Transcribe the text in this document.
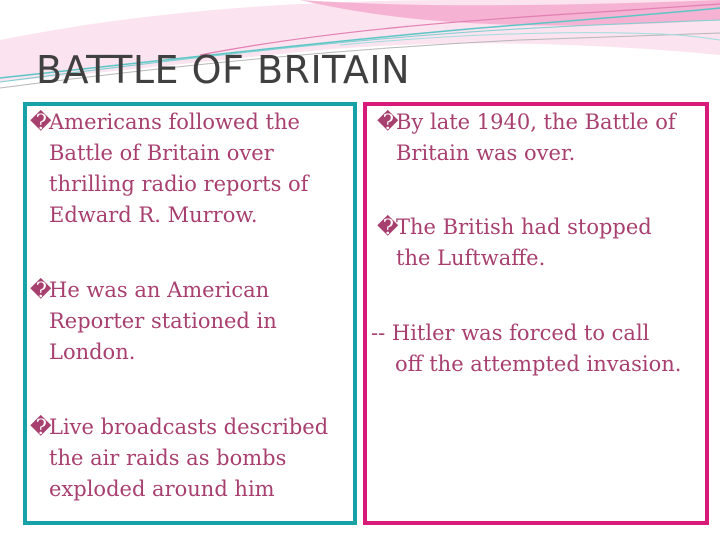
BATTLE OF BRITAIN

�Americans followed the
Battle of Britain over
thrilling radio reports of
Edward R. Murrow.

�He was an American
Reporter stationed in
London.

�Live broadcasts described
the air raids as bombs
exploded around him

�By late 1940, the Battle of
Britain was over.

�The British had stopped
the Luftwaffe.

-- Hitler was forced to call
off the attempted invasion.
